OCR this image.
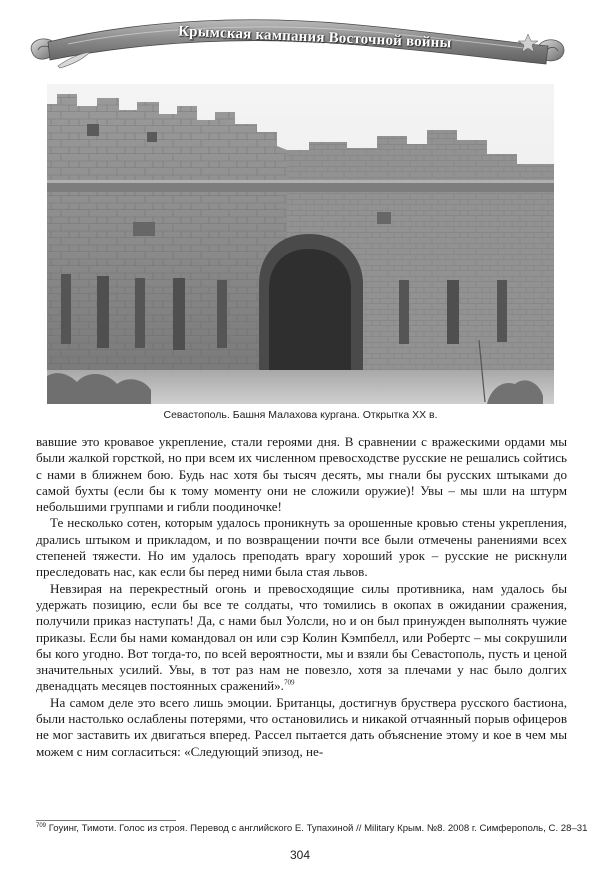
Крымская кампания Восточной войны
Севастополь. Башня Малахова кургана. Открытка XX в.

вавшие это кровавое укрепление, стали героями дня. В сравнении с вражескими ордами мы были жалкой горсткой, но при всем их численном превосходстве русские не решались сойтись с нами в ближнем бою. Будь нас хотя бы тысяч десять, мы гнали бы русских штыками до самой бухты (если бы к тому моменту они не сложили оружие)! Увы – мы шли на штурм небольшими группами и гибли поодиночке!

Те несколько сотен, которым удалось проникнуть за орошенные кровью стены укрепления, дрались штыком и прикладом, и по возвращении почти все были отмечены ранениями всех степеней тяжести. Но им удалось преподать врагу хороший урок – русские не рискнули преследовать нас, как если бы перед ними была стая львов.

Невзирая на перекрестный огонь и превосходящие силы противника, нам удалось бы удержать позицию, если бы все те солдаты, что томились в окопах в ожидании сражения, получили приказ наступать! Да, с нами был Уолсли, но и он был принужден выполнять чужие приказы. Если бы нами командовал он или сэр Колин Кэмпбелл, или Робертс – мы сокрушили бы кого угодно. Вот тогда-то, по всей вероятности, мы и взяли бы Севастополь, пусть и ценой значительных усилий. Увы, в тот раз нам не повезло, хотя за плечами у нас было долгих двенадцать месяцев постоянных сражений».$^{709}$

На самом деле это всего лишь эмоции. Британцы, достигнув бруствера русского бастиона, были настолько ослаблены потерями, что остановились и никакой отчаянный порыв офицеров не мог заставить их двигаться вперед. Рассел пытается дать объяснение этому и кое в чем мы можем с ним согласиться: «Следующий эпизод, не-

$^{709}$ Гоуинг, Тимоти. Голос из строя. Перевод с английского Е. Тупахиной // Military Крым. №8. 2008 г. Симферополь, С. 28–31
304
